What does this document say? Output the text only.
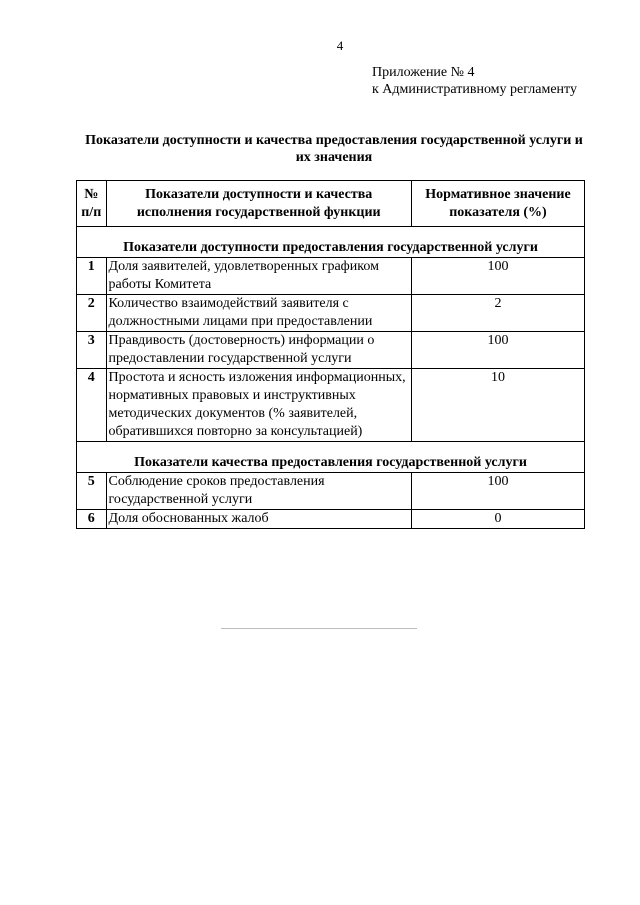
4
Приложение № 4
к Административному регламенту
Показатели доступности и качества предоставления государственной услуги и их значения
№ п/п	Показатели доступности и качества исполнения государственной функции	Нормативное значение показателя (%)

Показатели доступности предоставления государственной услуги		
1	Доля заявителей, удовлетворенных графиком работы Комитета	100
2	Количество взаимодействий заявителя с должностными лицами при предоставлении	2
3	Правдивость (достоверность) информации о предоставлении государственной услуги	100
4	Простота и ясность изложения информационных, нормативных правовых и инструктивных методических документов (% заявителей, обратившихся повторно за консультацией)	10

Показатели качества предоставления государственной услуги		
5	Соблюдение сроков предоставления государственной услуги	100
6	Доля обоснованных жалоб	0
